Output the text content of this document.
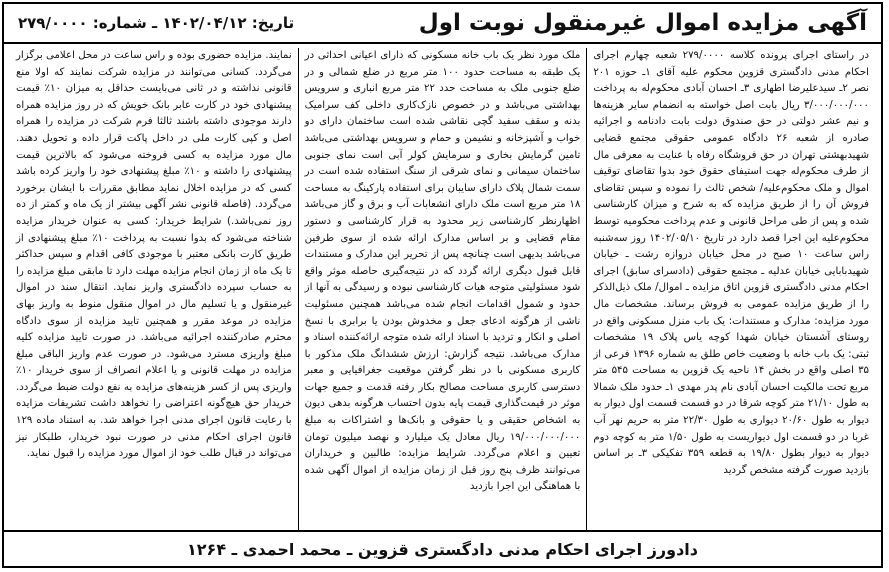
آگهی مزایده اموال غیرمنقول نوبت اول
تاریخ: ۱۴۰۲/۰۴/۱۲ ـ شماره: ۲۷۹/۰۰۰۰
در راستای اجرای پرونده کلاسه ۲۷۹/۰۰۰۰ شعبه چهارم اجرای احکام مدنی دادگستری قزوین محکوم علیه آقای ۱ـ حوزه ۲۰۱ نصر ۲ـ سیدعلیرضا اطهاری ۳ـ احسان آبادی محکوم‌له به پرداخت ۳/۰۰۰/۰۰۰/۰۰۰ ریال بابت اصل خواسته به انضمام سایر هزینه‌ها و نیم عشر دولتی در حق صندوق دولت بابت دادنامه و اجرائیه صادره از شعبه ۲۶ دادگاه عمومی حقوقی مجتمع قضایی شهیدبهشتی تهران در حق فروشگاه رفاه با عنایت به معرفی مال از طرف محکوم‌له جهت استیفای حقوق خود بدوا تقاضای توقیف اموال و ملک محکوم‌علیه/ شخص ثالث را نموده و سپس تقاضای فروش آن را از طریق مزایده که به شرح و میزان کارشناسی شده و پس از طی مراحل قانونی و عدم پرداخت محکومیه توسط محکوم‌علیه این اجرا قصد دارد در تاریخ ۱۴۰۲/۰۵/۱۰ روز سه‌شنبه راس ساعت ۱۰ صبح در محل خیابان دروازه رشت ـ خیابان شهیدبابایی خیابان عدلیه ـ مجتمع حقوقی (دادسرای سابق) اجرای احکام مدنی دادگستری قزوین اتاق مزایده ـ اموال/ ملک ذیل‌الذکر را از طریق مزایده عمومی به فروش برساند. مشخصات مال مورد مزایده: مدارک و مستندات: یک باب منزل مسکونی واقع در روستای آشستان خیابان شهدا کوچه یاس پلاک ۱۹ مشخصات ثبتی: یک باب خانه با وضعیت خاص طلق به شماره ۱۳۹۶ فرعی از ۳۵ اصلی واقع در بخش ۱۴ ناحیه یک قزوین به مساحت ۵۴۵ متر مربع تحت مالکیت احسان آبادی نام پدر مهدی ۱ـ حدود ملک شمالا به طول ۲۱/۱۰ متر کوچه شرقا در دو قسمت قسمت اول دیوار به دیوار به طول ۲۰/۶۰ دیواری به طول ۲۲/۳۰ متر به حریم نهر آب غربا در دو قسمت اول دیواریست به طول ۱/۵۰ متر به کوچه دوم دیوار به دیوار بطول ۱۹/۸۰ به قطعه ۳۵۹ تفکیکی ۳ـ بر اساس بازدید صورت گرفته مشخص گردید
ملک مورد نظر یک باب خانه مسکونی که دارای اعیانی احداثی در یک طبقه به مساحت حدود ۱۰۰ متر مربع در ضلع شمالی و در ضلع جنوبی ملک به مساحت حدد ۲۲ متر مربع انباری و سرویس بهداشتی می‌باشد و در خصوص نازک‌کاری داخلی کف سرامیک بدنه و سقف سفید گچی نقاشی شده است ساختمان دارای دو خواب و آشپزخانه و نشیمن و حمام و سرویس بهداشتی می‌باشد تامین گرمایش بخاری و سرمایش کولر آبی است نمای جنوبی ساختمان سیمانی و نمای شرقی از سنگ استفاده شده است در سمت شمال پلاک دارای سایبان برای استفاده پارکینگ به مساحت ۱۸ متر مربع است ملک دارای انشعابات آب و برق و گاز می‌باشد اظهارنظر کارشناسی زیر محدود به قرار کارشناسی و دستور مقام قضایی و بر اساس مدارک ارائه شده از سوی طرفین می‌باشد بدیهی است چنانچه پس از تحریر این مدارک و مستندات قابل قبول دیگری ارائه گردد که در نتیجه‌گیری حاصله موثر واقع شود مسئولیتی متوجه هیات کارشناسی نبوده و رسیدگی به آنها از حدود و شمول اقدامات انجام شده می‌باشد همچنین مسئولیت ناشی از هرگونه ادعای جعل و مخدوش بودن یا برابری با نسخ اصلی و انکار و تردید با اسناد ارائه شده متوجه ارائه‌کننده اسناد و مدارک می‌باشد. نتیجه گزارش: ارزش ششدانگ ملک مذکور با کاربری مسکونی با در نظر گرفتن موقعیت جغرافیایی و معبر دسترسی کاربری مساحت مصالح بکار رفته قدمت و جمیع جهات موثر در قیمت‌گذاری قیمت پایه بدون احتساب هرگونه بدهی دیون به اشخاص حقیقی و یا حقوقی و بانک‌ها و اشتراکات به مبلغ ۱۹/۰۰۰/۰۰۰/۰۰۰ ریال معادل یک میلیارد و نهصد میلیون تومان تعیین و اعلام می‌گردد. شرایط مزایده: طالبین و خریداران می‌توانند ظرف پنج روز قبل از زمان مزایده از اموال آگهی شده با هماهنگی این اجرا بازدید
نمایند. مزایده حضوری بوده و راس ساعت در محل اعلامی برگزار می‌گردد. کسانی می‌توانند در مزایده شرکت نمایند که اولا منع قانونی نداشته و در ثانی می‌بایست حداقل به میزان ۱۰٪ قیمت پیشنهادی خود در کارت عابر بانک خویش که در روز مزایده همراه دارند موجودی داشته باشند ثالثا فرم شرکت در مزایده را همراه اصل و کپی کارت ملی در داخل پاکت قرار داده و تحویل دهند. مال مورد مزایده به کسی فروخته می‌شود که بالاترین قیمت پیشنهادی را داشته و ۱۰٪ مبلغ پیشنهادی خود را واریز کرده باشد کسی که در مزایده اخلال نماید مطابق مقررات با ایشان برخورد می‌گردد. (فاصله قانونی نشر آگهی بیشتر از یک ماه و کمتر از ده روز نمی‌باشد.) شرایط خریدار: کسی به عنوان خریدار مزایده شناخته می‌شود که بدوا نسبت به پرداخت ۱۰٪ مبلغ پیشنهادی از طریق کارت بانکی معتبر با موجودی کافی اقدام و سپس حداکثر تا یک ماه از زمان انجام مزایده مهلت دارد تا مابقی مبلغ مزایده را به حساب سپرده دادگستری واریز نماید. انتقال سند در اموال غیرمنقول و یا تسلیم مال در اموال منقول منوط به واریز بهای مزایده در موعد مقرر و همچنین تایید مزایده از سوی دادگاه محترم صادرکننده اجرائیه می‌باشد. در صورت تایید مزایده کلیه مبلغ واریزی مسترد می‌شود. در صورت عدم واریز الباقی مبلغ مزایده در مهلت قانونی و یا اعلام انصراف از سوی خریدار ۱۰٪ واریزی پس از کسر هزینه‌های مزایده به نفع دولت ضبط می‌گردد. خریدار حق هیچ‌گونه اعتراضی را نخواهد داشت تشریفات مزایده با رعایت قانون اجرای مدنی اجرا خواهد شد. به استناد ماده ۱۲۹ قانون اجرای احکام مدنی در صورت نبود خریدار، طلبکار نیز می‌تواند در قبال طلب خود از اموال مورد مزایده را قبول نماید.
دادورز اجرای احکام مدنی دادگستری قزوین ـ محمد احمدی ـ ۱۲۶۴
